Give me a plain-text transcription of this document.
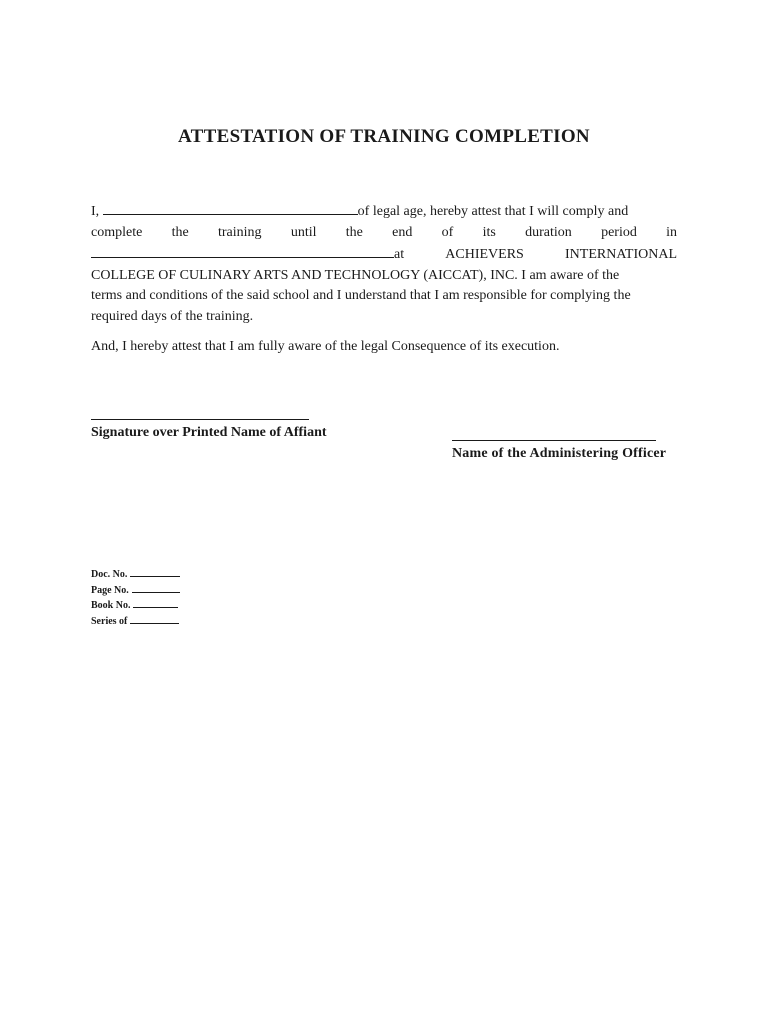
ATTESTATION OF TRAINING COMPLETION
I,	of legal age, hereby attest that I will comply and
complete the training until the end of its duration period in
at	ACHIEVERS	INTERNATIONAL
COLLEGE OF CULINARY ARTS AND TECHNOLOGY (AICCAT), INC. I am aware of the
terms and conditions of the said school and I understand that I am responsible for complying the
required days of the training.
And, I hereby attest that I am fully aware of the legal Consequence of its execution.
Signature over Printed Name of Affiant
Name of the Administering Officer
Doc. No.
Page No.
Book No.
Series of
